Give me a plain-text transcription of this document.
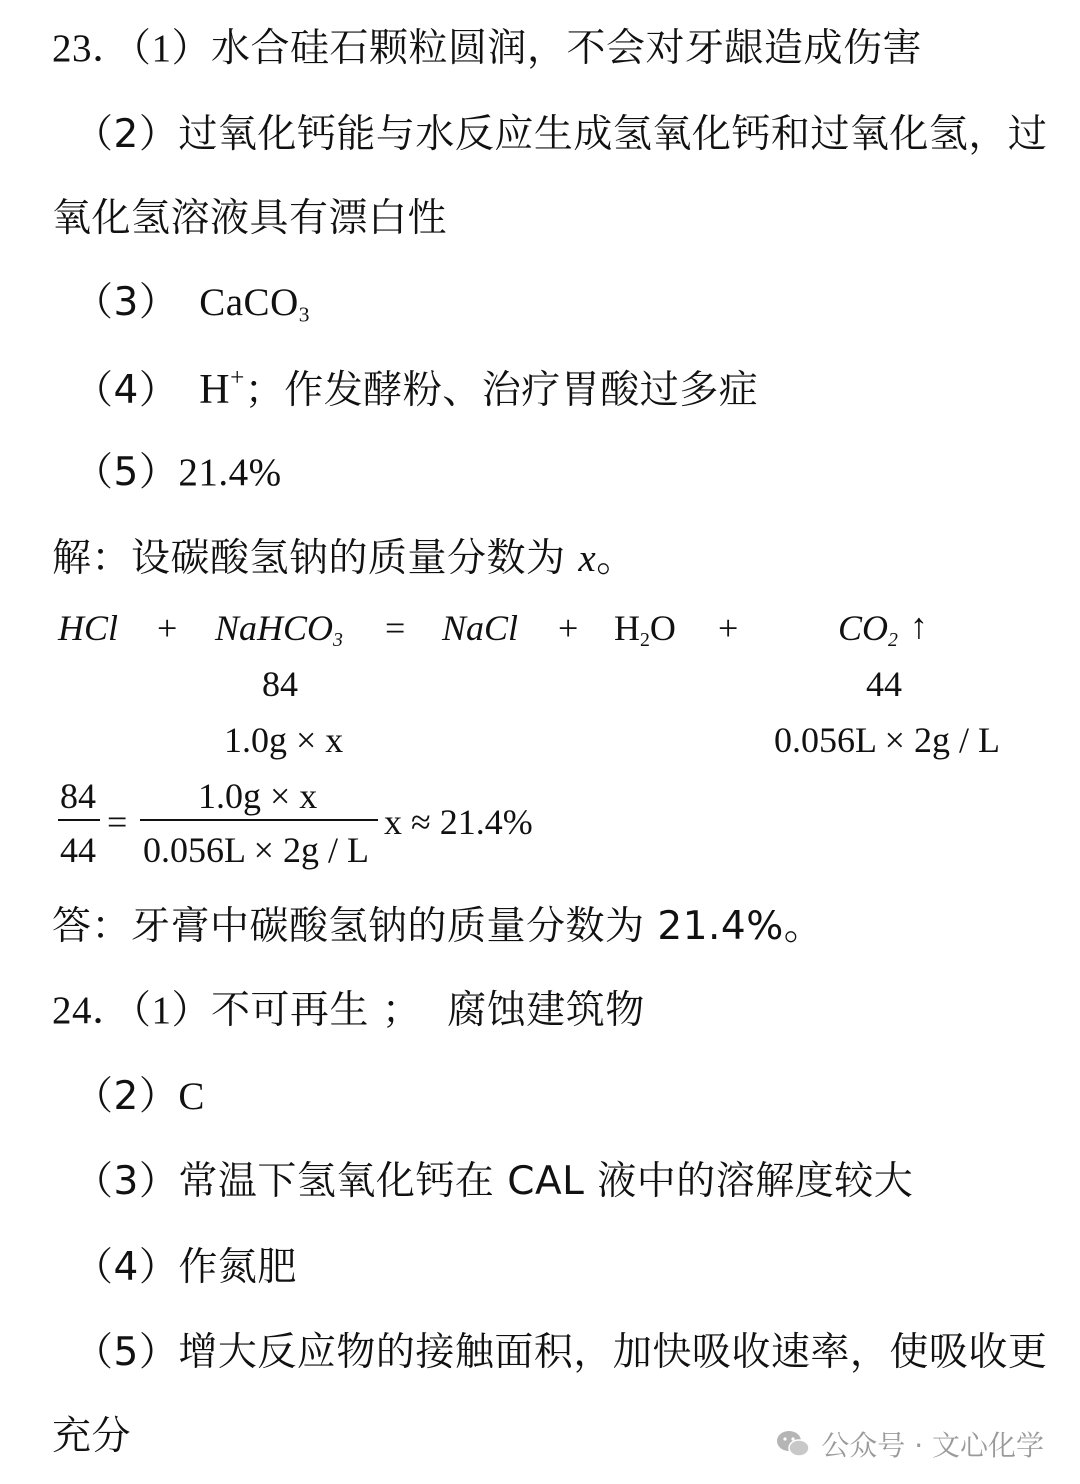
23．（1）水合硅石颗粒圆润，不会对牙龈造成伤害
（2）过氧化钙能与水反应生成氢氧化钙和过氧化氢，过
氧化氢溶液具有漂白性
（3） CaCO$_3$
（4） H+；作发酵粉、治疗胃酸过多症
（5）21.4%
解：设碳酸氢钠的质量分数为 x。
HCl + NaHCO$_3$ = NaCl + $H_2O$ +	$CO_2$ ↑
84	44
1.0g × x	0.056L × 2g / L
84
44
=
1.0g × x
0.056L × 2g / L
x ≈ 21.4%
答：牙膏中碳酸氢钠的质量分数为 21.4%。
24．（1）不可再生 ；  腐蚀建筑物
（2）C
（3）常温下氢氧化钙在 CAL 液中的溶解度较大
（4）作氮肥
（5）增大反应物的接触面积，加快吸收速率，使吸收更
充分	公众号 · 文心化学
